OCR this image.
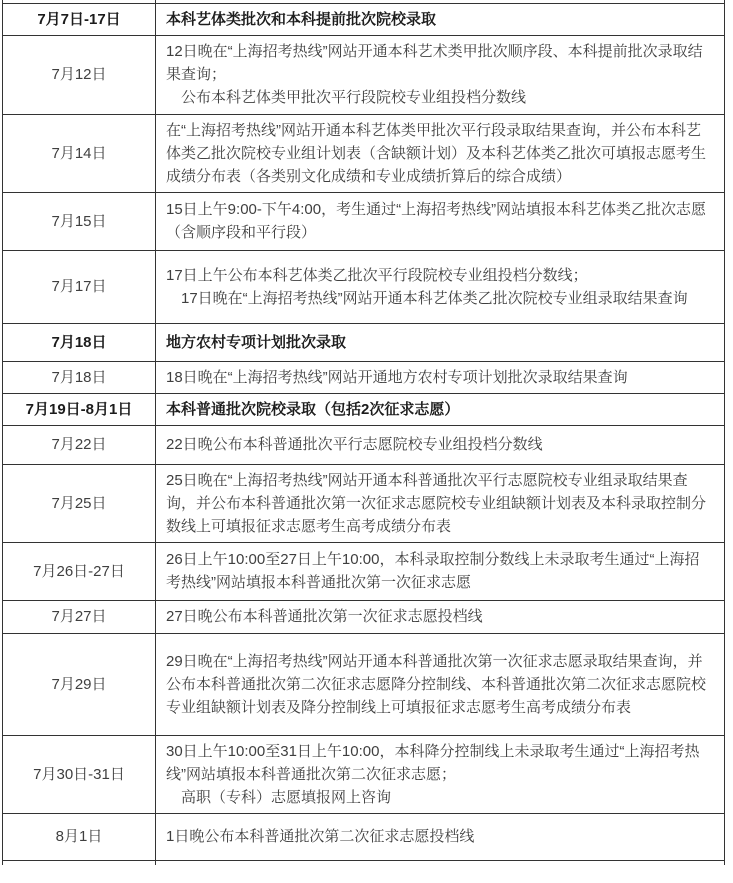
7月7日-17日	本科艺体类批次和本科提前批次院校录取

7月12日	12日晚在“上海招考热线”网站开通本科艺术类甲批次顺序段、本科提前批次录取结果查询；
　公布本科艺体类甲批次平行段院校专业组投档分数线

7月14日	在“上海招考热线”网站开通本科艺体类甲批次平行段录取结果查询，并公布本科艺体类乙批次院校专业组计划表（含缺额计划）及本科艺体类乙批次可填报志愿考生成绩分布表（各类别文化成绩和专业成绩折算后的综合成绩）

7月15日	15日上午9:00-下午4:00，考生通过“上海招考热线”网站填报本科艺体类乙批次志愿（含顺序段和平行段）

7月17日	17日上午公布本科艺体类乙批次平行段院校专业组投档分数线；
　17日晚在“上海招考热线”网站开通本科艺体类乙批次院校专业组录取结果查询

7月18日	地方农村专项计划批次录取

7月18日	18日晚在“上海招考热线”网站开通地方农村专项计划批次录取结果查询

7月19日-8月1日	本科普通批次院校录取（包括2次征求志愿）

7月22日	22日晚公布本科普通批次平行志愿院校专业组投档分数线

7月25日	25日晚在“上海招考热线”网站开通本科普通批次平行志愿院校专业组录取结果查询，并公布本科普通批次第一次征求志愿院校专业组缺额计划表及本科录取控制分数线上可填报征求志愿考生高考成绩分布表

7月26日-27日	26日上午10:00至27日上午10:00，本科录取控制分数线上未录取考生通过“上海招考热线”网站填报本科普通批次第一次征求志愿

7月27日	27日晚公布本科普通批次第一次征求志愿投档线

7月29日	29日晚在“上海招考热线”网站开通本科普通批次第一次征求志愿录取结果查询，并公布本科普通批次第二次征求志愿降分控制线、本科普通批次第二次征求志愿院校专业组缺额计划表及降分控制线上可填报征求志愿考生高考成绩分布表

7月30日-31日	30日上午10:00至31日上午10:00，本科降分控制线上未录取考生通过“上海招考热线”网站填报本科普通批次第二次征求志愿；
　高职（专科）志愿填报网上咨询

8月1日	1日晚公布本科普通批次第二次征求志愿投档线
